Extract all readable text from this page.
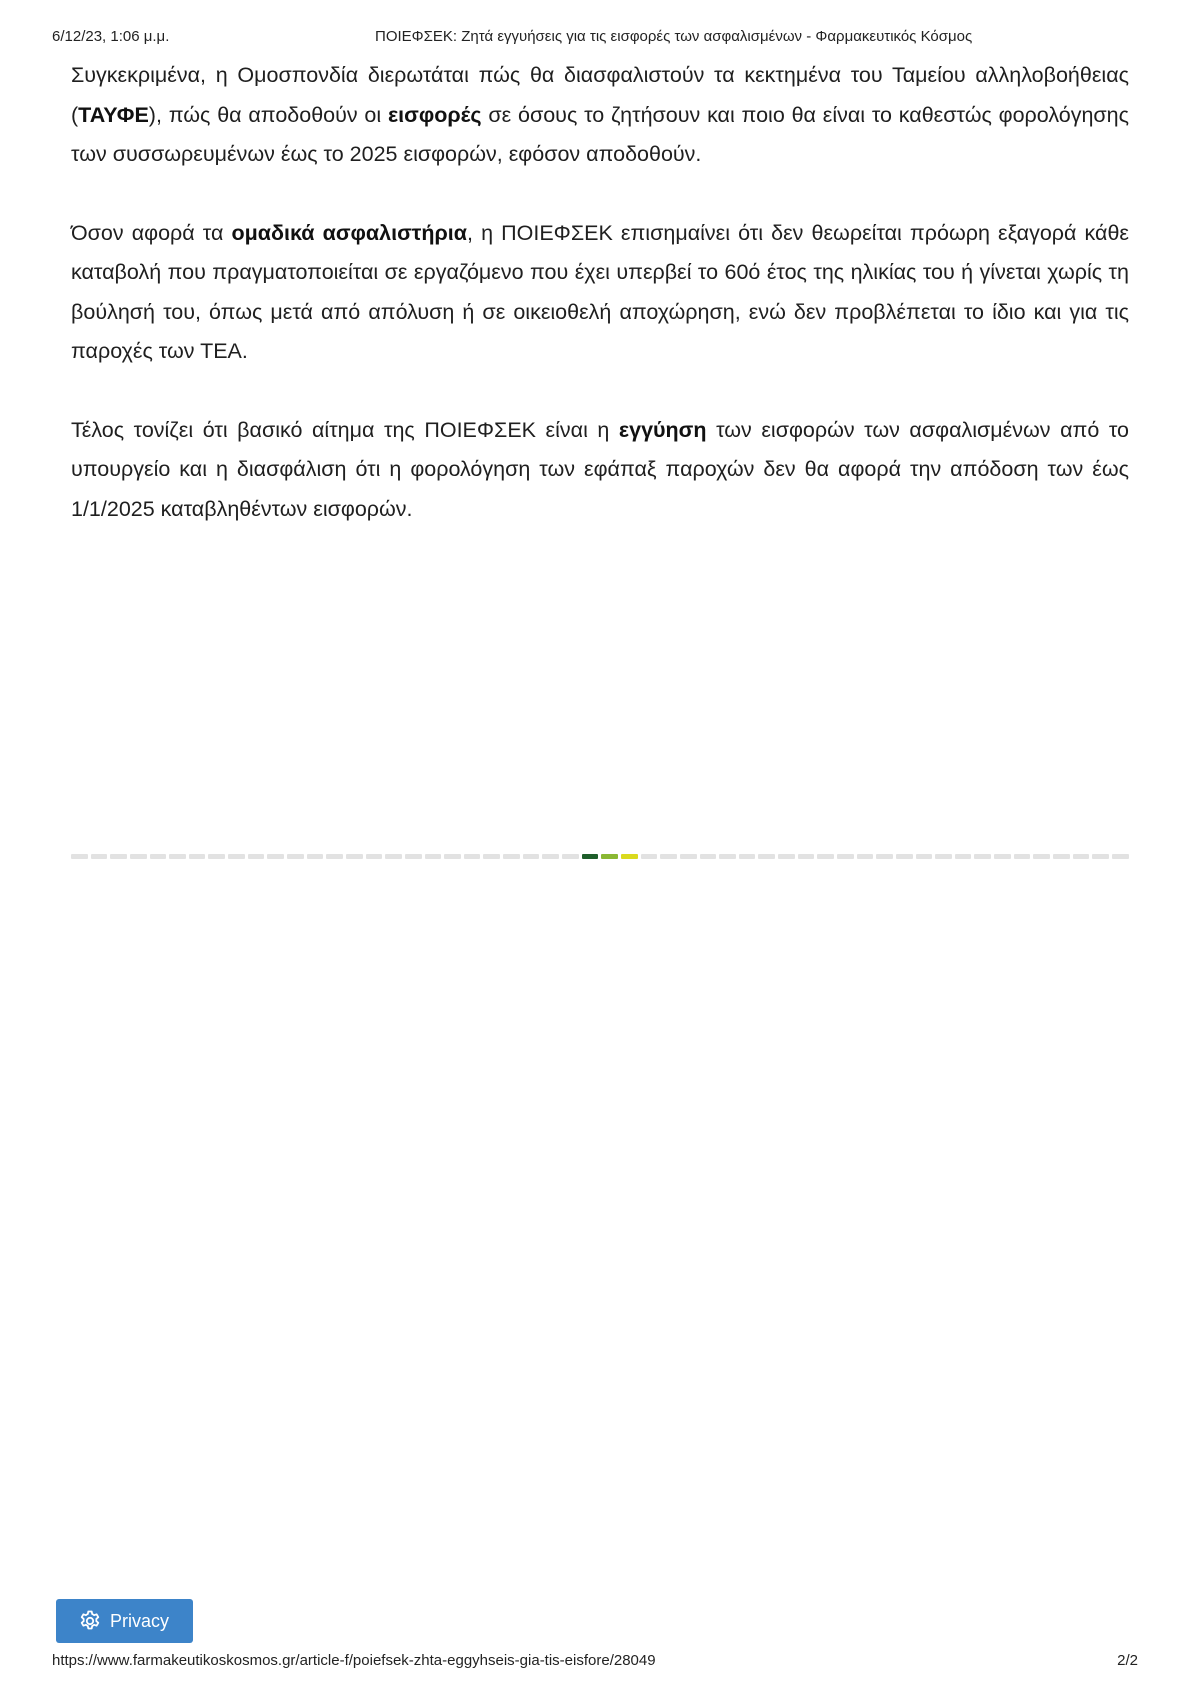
6/12/23, 1:06 μ.μ.	ΠΟΙΕΦΣΕΚ: Ζητά εγγυήσεις για τις εισφορές των ασφαλισμένων - Φαρμακευτικός Κόσμος

Συγκεκριμένα, η Ομοσπονδία διερωτάται πώς θα διασφαλιστούν τα κεκτημένα του Ταμείου αλληλοβοήθειας (ΤΑΥΦΕ), πώς θα αποδοθούν οι εισφορές σε όσους το ζητήσουν και ποιο θα είναι το καθεστώς φορολόγησης των συσσωρευμένων έως το 2025 εισφορών, εφόσον αποδοθούν.

Όσον αφορά τα ομαδικά ασφαλιστήρια, η ΠΟΙΕΦΣΕΚ επισημαίνει ότι δεν θεωρείται πρόωρη εξαγορά κάθε καταβολή που πραγματοποιείται σε εργαζόμενο που έχει υπερβεί το 60ό έτος της ηλικίας του ή γίνεται χωρίς τη βούλησή του, όπως μετά από απόλυση ή σε οικειοθελή αποχώρηση, ενώ δεν προβλέπεται το ίδιο και για τις παροχές των ΤΕΑ.

Τέλος τονίζει ότι βασικό αίτημα της ΠΟΙΕΦΣΕΚ είναι η εγγύηση των εισφορών των ασφαλισμένων από το υπουργείο και η διασφάλιση ότι η φορολόγηση των εφάπαξ παροχών δεν θα αφορά την απόδοση των έως 1/1/2025 καταβληθέντων εισφορών.

Privacy
https://www.farmakeutikoskosmos.gr/article-f/poiefsek-zhta-eggyhseis-gia-tis-eisfore/28049	2/2
